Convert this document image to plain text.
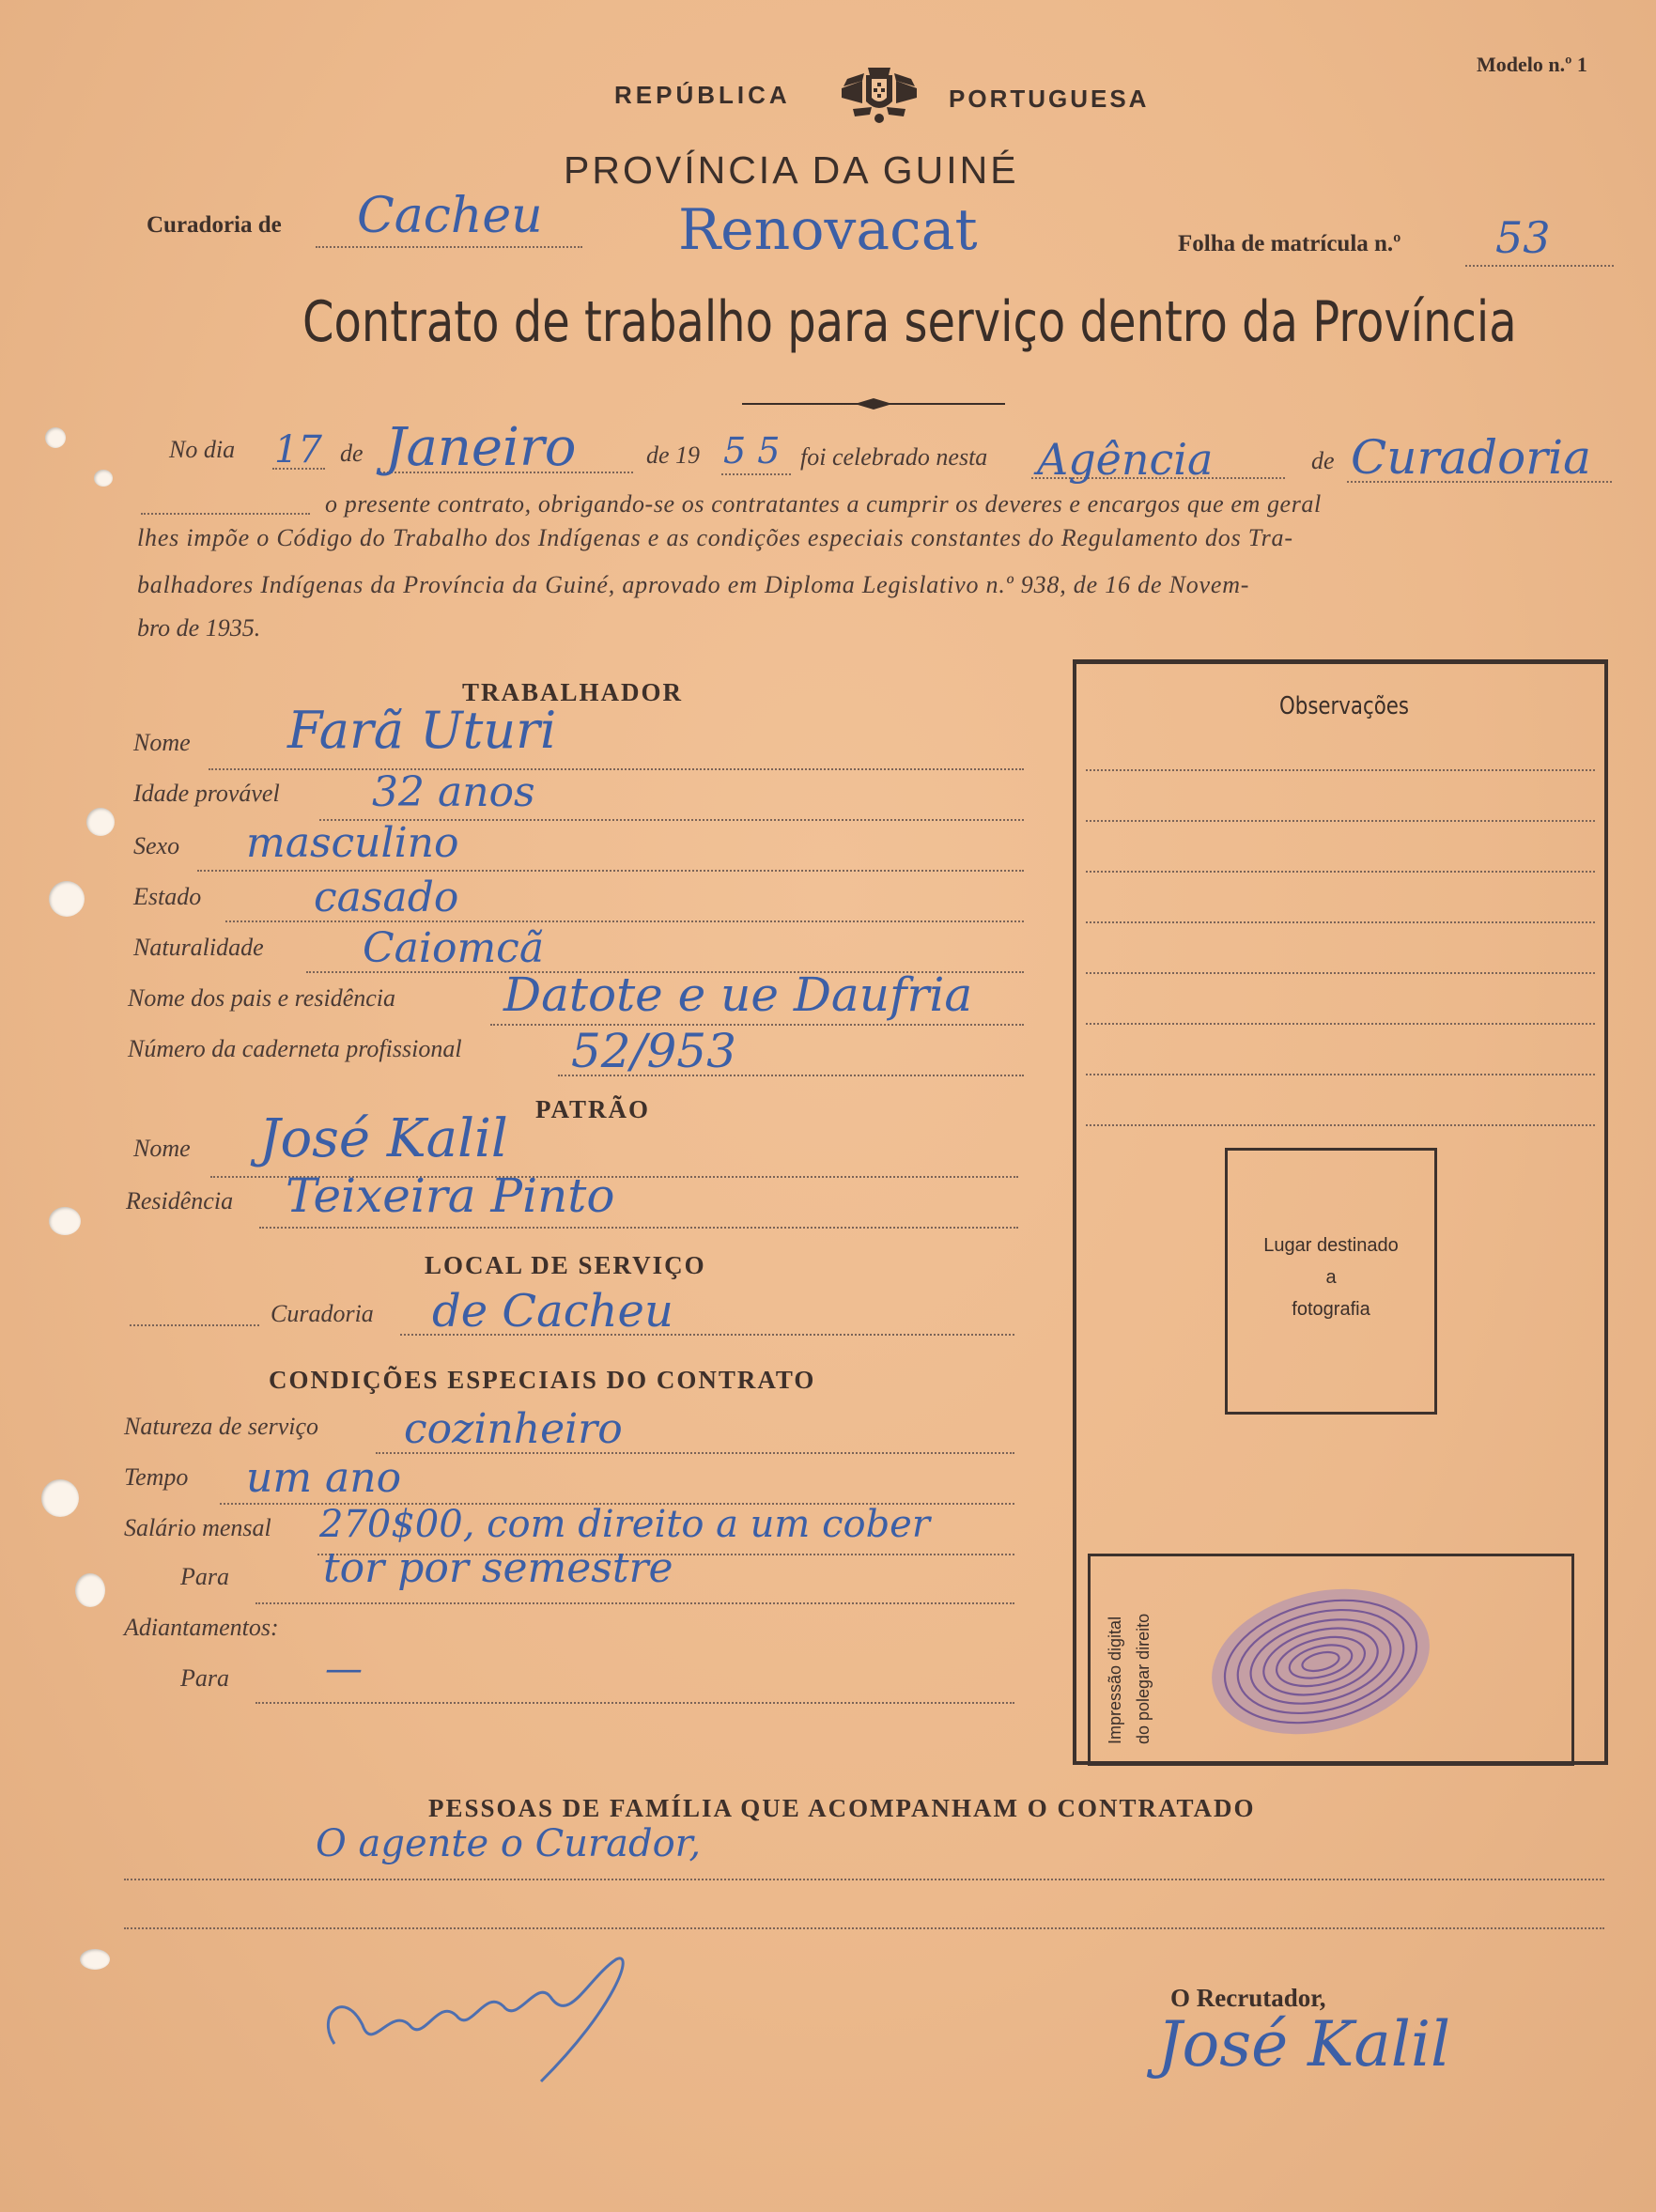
Modelo n.º 1
REPÚBLICA	PORTUGUESA
PROVÍNCIA DA GUINÉ
Curadoria de Cacheu Renovacat	Folha de matrícula n.º 53
Contrato de trabalho para serviço dentro da Província
No dia 17 de Janeiro	de 19 5 5 foi celebrado nesta Agência	de Curadoria
o presente contrato, obrigando-se os contratantes a cumprir os deveres e encargos que em geral
lhes impõe o Código do Trabalho dos Indígenas e as condições especiais constantes do Regulamento dos Tra-
balhadores Indígenas da Província da Guiné, aprovado em Diploma Legislativo n.º 938, de 16 de Novem-
bro de 1935.
TRABALHADOR
Nome Farã Uturi
Idade provável 32 anos
Sexo masculino
Estado	casado
Naturalidade Caiomcã
Nome dos pais e residência Datote e ue Daufria
Número da caderneta profissional 52/953
PATRÃO
Nome José Kalil
Residência Teixeira Pinto
LOCAL DE SERVIÇO
Curadoria de Cacheu
CONDIÇÕES ESPECIAIS DO CONTRATO
Natureza de serviço cozinheiro
Tempo um ano
Salário mensal 270$00, com direito a um cober
Para tor por semestre
Adiantamentos:
Para	—
Observações
Lugar destinado
a
fotografia
Impressão digital do polegar direito
PESSOAS DE FAMÍLIA QUE ACOMPANHAM O CONTRATADO
O agente o Curador,
O Recrutador,
José Kalil
